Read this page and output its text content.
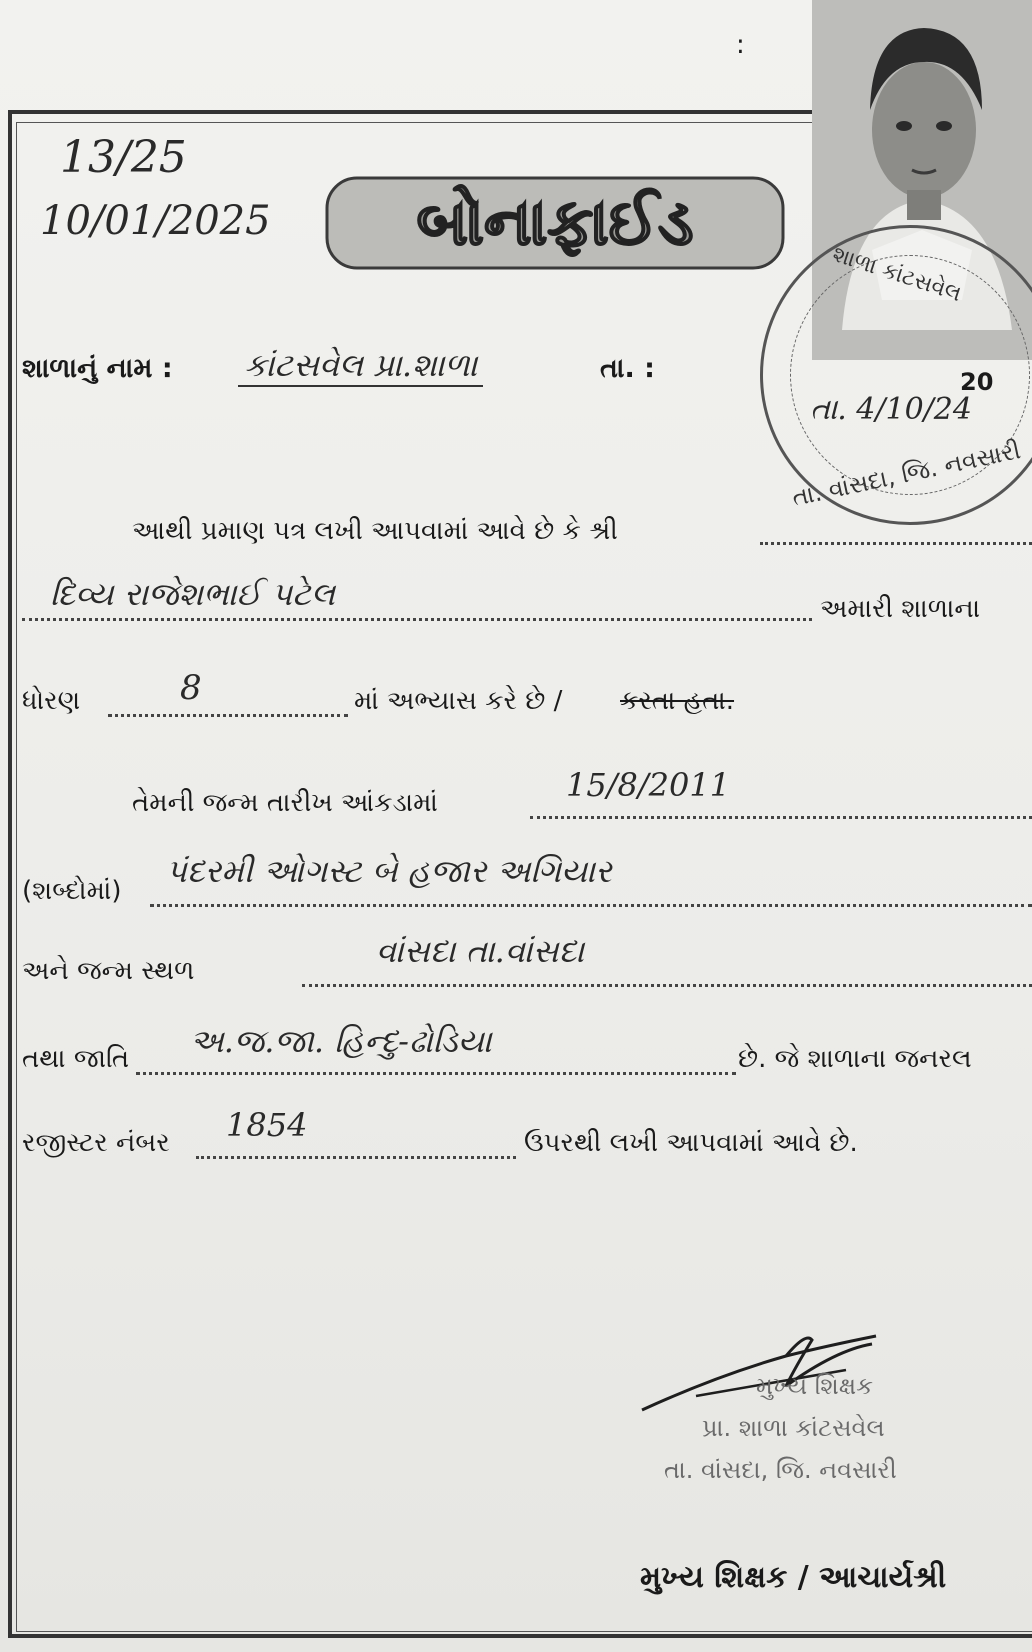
:
શાળા કાંટસવેલ
તા. 4/10/24
20
તા. વાંસદા, જિ. નવસારી
13/25
10/01/2025	બોનાફાઈડ
શાળાનું નામ : કાંટસવેલ પ્રા.શાળા	તા. :
આથી પ્રમાણ પત્ર લખી આપવામાં આવે છે કે શ્રી
દિવ્ય રાજેશભાઈ પટેલ	અમારી શાળાના
ધોરણ	8	માં અભ્યાસ કરે છે / કરતા હતા.
તેમની જન્મ તારીખ આંકડામાં	15/8/2011
(શબ્દોમાં)
પંદરમી ઓગસ્ટ બે હજાર અગિયાર
અને જન્મ સ્થળ
વાંસદા તા.વાંસદા
તથા જાતિ અ.જ.જા. હિન્દુ-ઢોડિયા	છે. જે શાળાના જનરલ
રજીસ્ટર નંબર 1854	ઉપરથી લખી આપવામાં આવે છે.
મુખ્ય શિક્ષક
પ્રા. શાળા કાંટસવેલ
તા. વાંસદા, જિ. નવસારી
મુખ્ય શિક્ષક / આચાર્યશ્રી
